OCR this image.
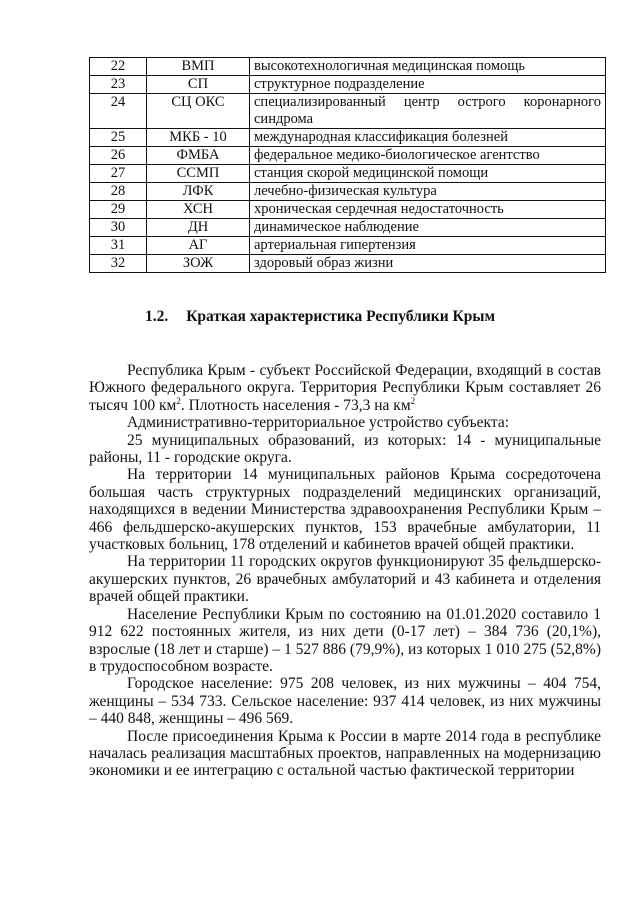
22	ВМП	высокотехнологичная медицинская помощь
23	СП	структурное подразделение
24	СЦ ОКС	специализированный центр острого коронарного синдрома
25	МКБ - 10	международная классификация болезней
26	ФМБА	федеральное медико-биологическое агентство
27	ССМП	станция скорой медицинской помощи
28	ЛФК	лечебно-физическая культура
29	ХСН	хроническая сердечная недостаточность
30	ДН	динамическое наблюдение
31	АГ	артериальная гипертензия
32	ЗОЖ	здоровый образ жизни
1.2. Краткая характеристика Республики Крым

Республика Крым - субъект Российской Федерации, входящий в состав Южного федерального округа. Территория Республики Крым составляет 26 тысяч 100 $км^2$. Плотность населения - 73,3 на $км^2$

Административно-территориальное устройство субъекта:

25 муниципальных образований, из которых: 14 - муниципальные районы, 11 - городские округа.

На территории 14 муниципальных районов Крыма сосредоточена большая часть структурных подразделений медицинских организаций, находящихся в ведении Министерства здравоохранения Республики Крым – 466 фельдшерско-акушерских пунктов, 153 врачебные амбулатории, 11 участковых больниц, 178 отделений и кабинетов врачей общей практики.

На территории 11 городских округов функционируют 35 фельдшерско-акушерских пунктов, 26 врачебных амбулаторий и 43 кабинета и отделения врачей общей практики.

Население Республики Крым по состоянию на 01.01.2020 составило 1 912 622 постоянных жителя, из них дети (0-17 лет) – 384 736 (20,1%), взрослые (18 лет и старше) – 1 527 886 (79,9%), из которых 1 010 275 (52,8%) в трудоспособном возрасте.

Городское население: 975 208 человек, из них мужчины – 404 754, женщины – 534 733. Сельское население: 937 414 человек, из них мужчины – 440 848, женщины – 496 569.

После присоединения Крыма к России в марте 2014 года в республике началась реализация масштабных проектов, направленных на модернизацию экономики и ее интеграцию с остальной частью фактической территории
